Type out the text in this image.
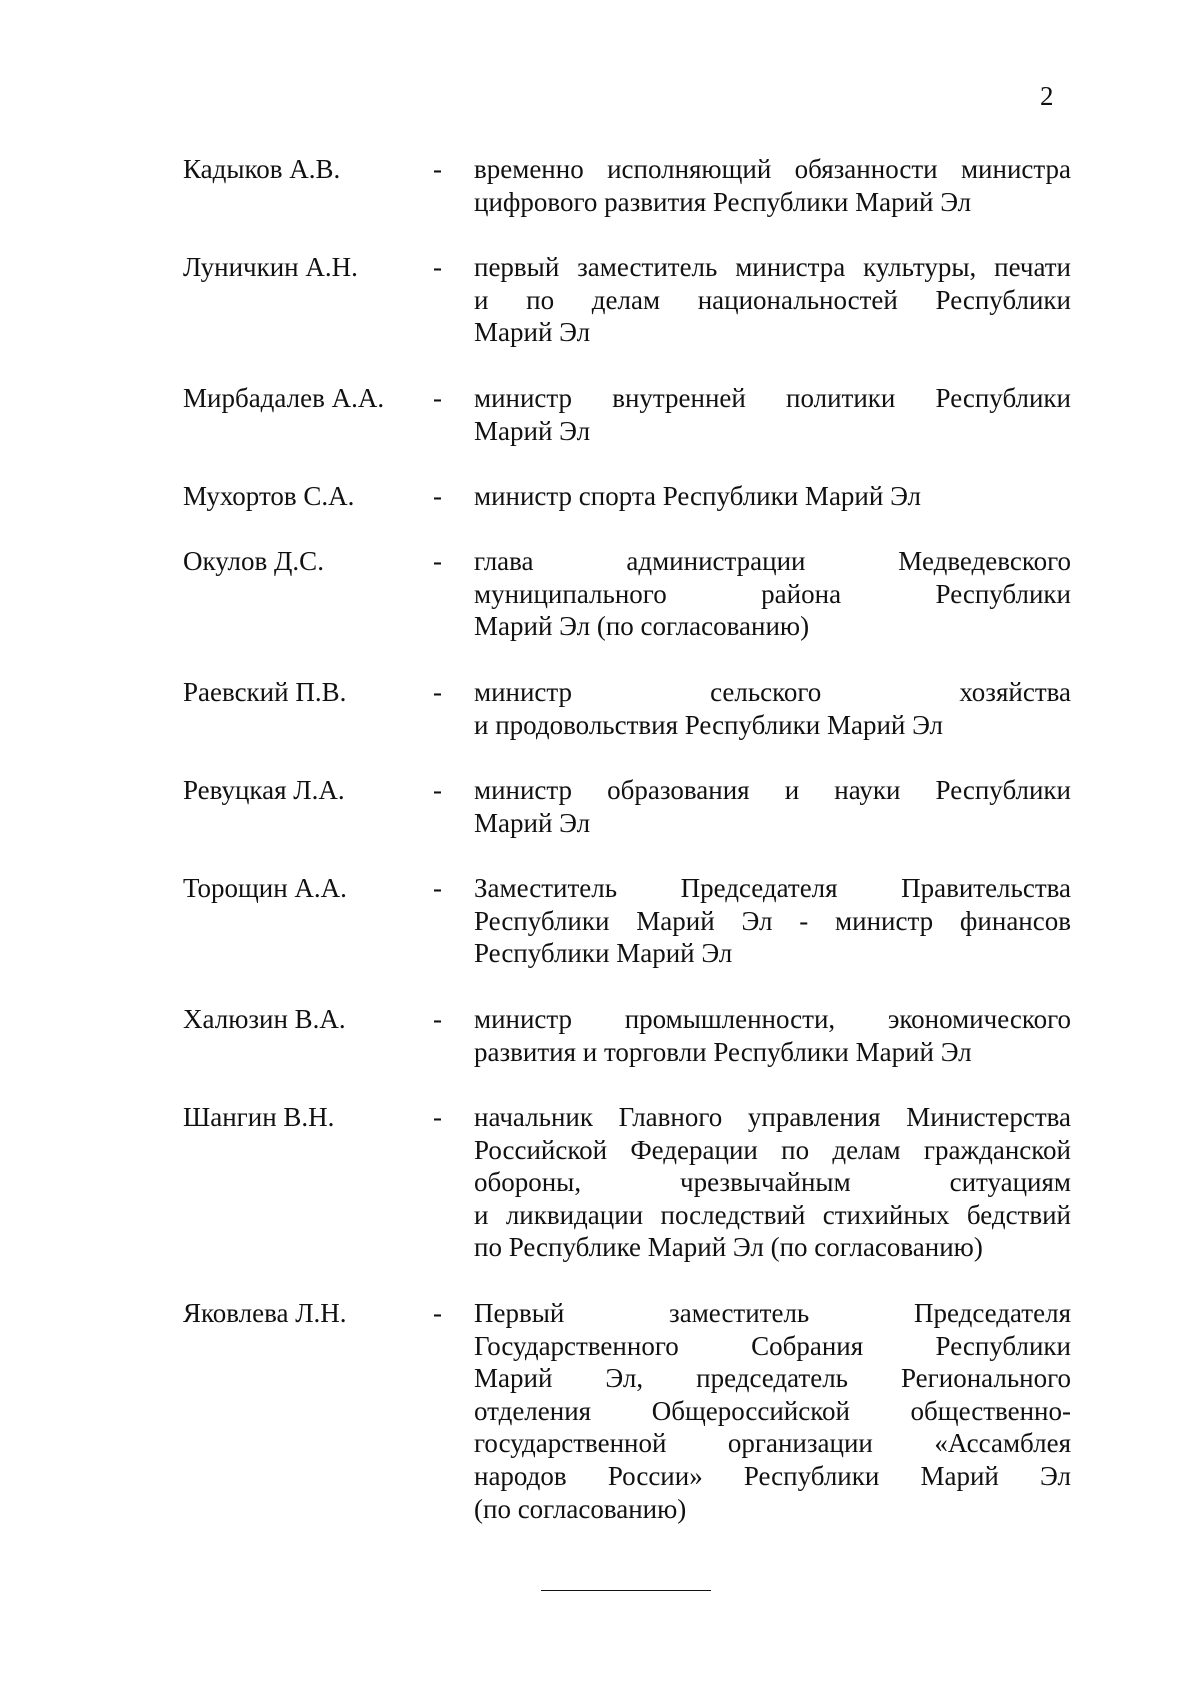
2
Кадыков А.В.	- временно исполняющий обязанности министра
цифрового развития Республики Марий Эл
Луничкин А.Н.	- первый заместитель министра культуры, печати
и по делам национальностей Республики
Марий Эл
Мирбадалев А.А. - министр внутренней политики Республики
Марий Эл
Мухортов С.А.	- министр спорта Республики Марий Эл
Окулов Д.С.	- глава администрации Медведевского
муниципального района Республики
Марий Эл (по согласованию)
Раевский П.В.	- министр сельского хозяйства
и продовольствия Республики Марий Эл
Ревуцкая Л.А.	- министр образования и науки Республики
Марий Эл
Торощин А.А.	- Заместитель Председателя Правительства
Республики Марий Эл - министр финансов
Республики Марий Эл
Халюзин В.А.	- министр промышленности, экономического
развития и торговли Республики Марий Эл
Шангин В.Н.	- начальник Главного управления Министерства
Российской Федерации по делам гражданской
обороны, чрезвычайным ситуациям
и ликвидации последствий стихийных бедствий
по Республике Марий Эл (по согласованию)
Яковлева Л.Н.	- Первый заместитель Председателя
Государственного Собрания Республики
Марий Эл, председатель Регионального
отделения Общероссийской общественно-
государственной организации «Ассамблея
народов России» Республики Марий Эл
(по согласованию)
